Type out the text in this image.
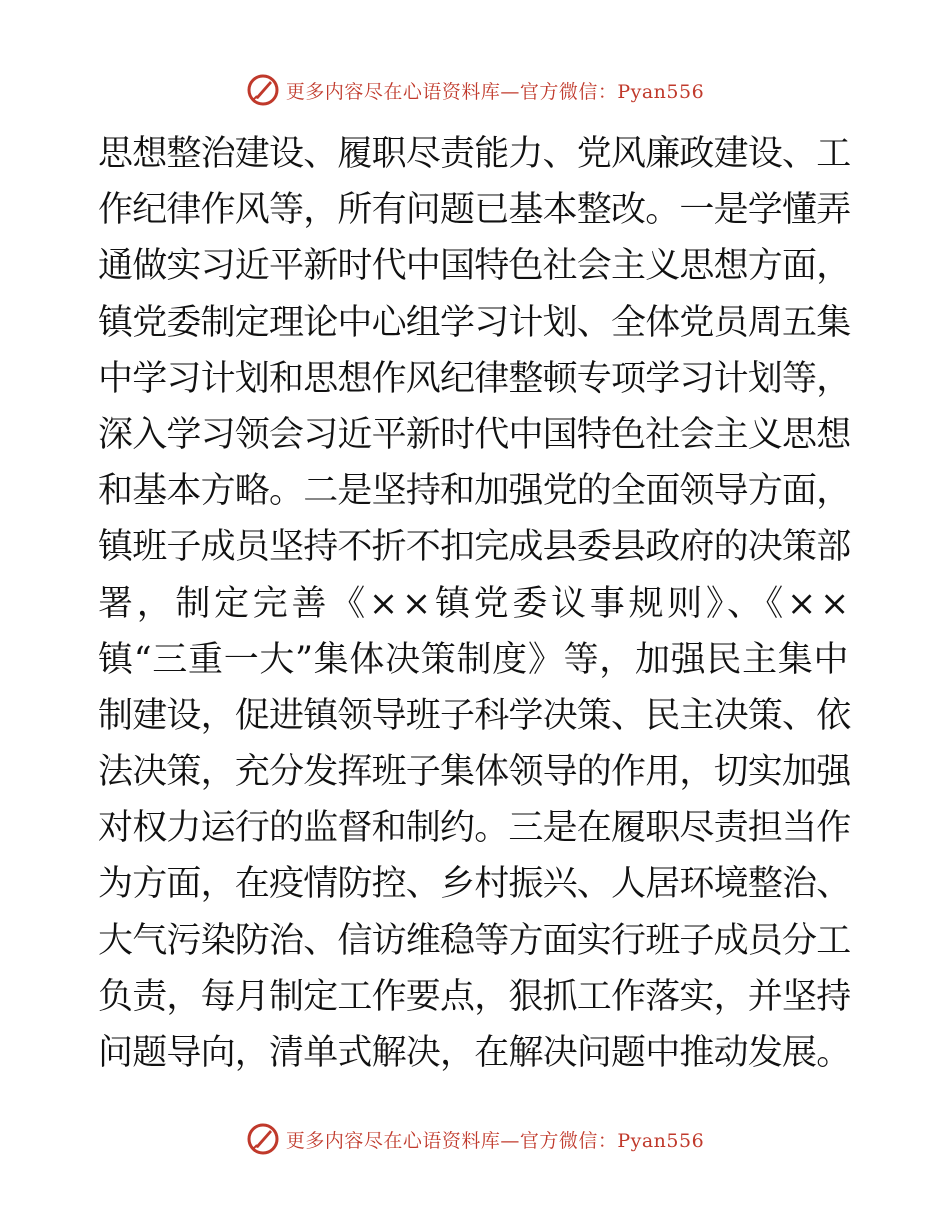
更多内容尽在心语资料库—官方微信：Pyan556
思想整治建设、履职尽责能力、党风廉政建设、工
作纪律作风等，所有问题已基本整改。一是学懂弄
通做实习近平新时代中国特色社会主义思想方面，
镇党委制定理论中心组学习计划、全体党员周五集
中学习计划和思想作风纪律整顿专项学习计划等，
深入学习领会习近平新时代中国特色社会主义思想
和基本方略。二是坚持和加强党的全面领导方面，
镇班子成员坚持不折不扣完成县委县政府的决策部
署，制定完善《××镇党委议事规则》、《××
镇“三重一大”集体决策制度》等，加强民主集中
制建设，促进镇领导班子科学决策、民主决策、依
法决策，充分发挥班子集体领导的作用，切实加强
对权力运行的监督和制约。三是在履职尽责担当作
为方面，在疫情防控、乡村振兴、人居环境整治、
大气污染防治、信访维稳等方面实行班子成员分工
负责，每月制定工作要点，狠抓工作落实，并坚持
问题导向，清单式解决，在解决问题中推动发展。
更多内容尽在心语资料库—官方微信：Pyan556
